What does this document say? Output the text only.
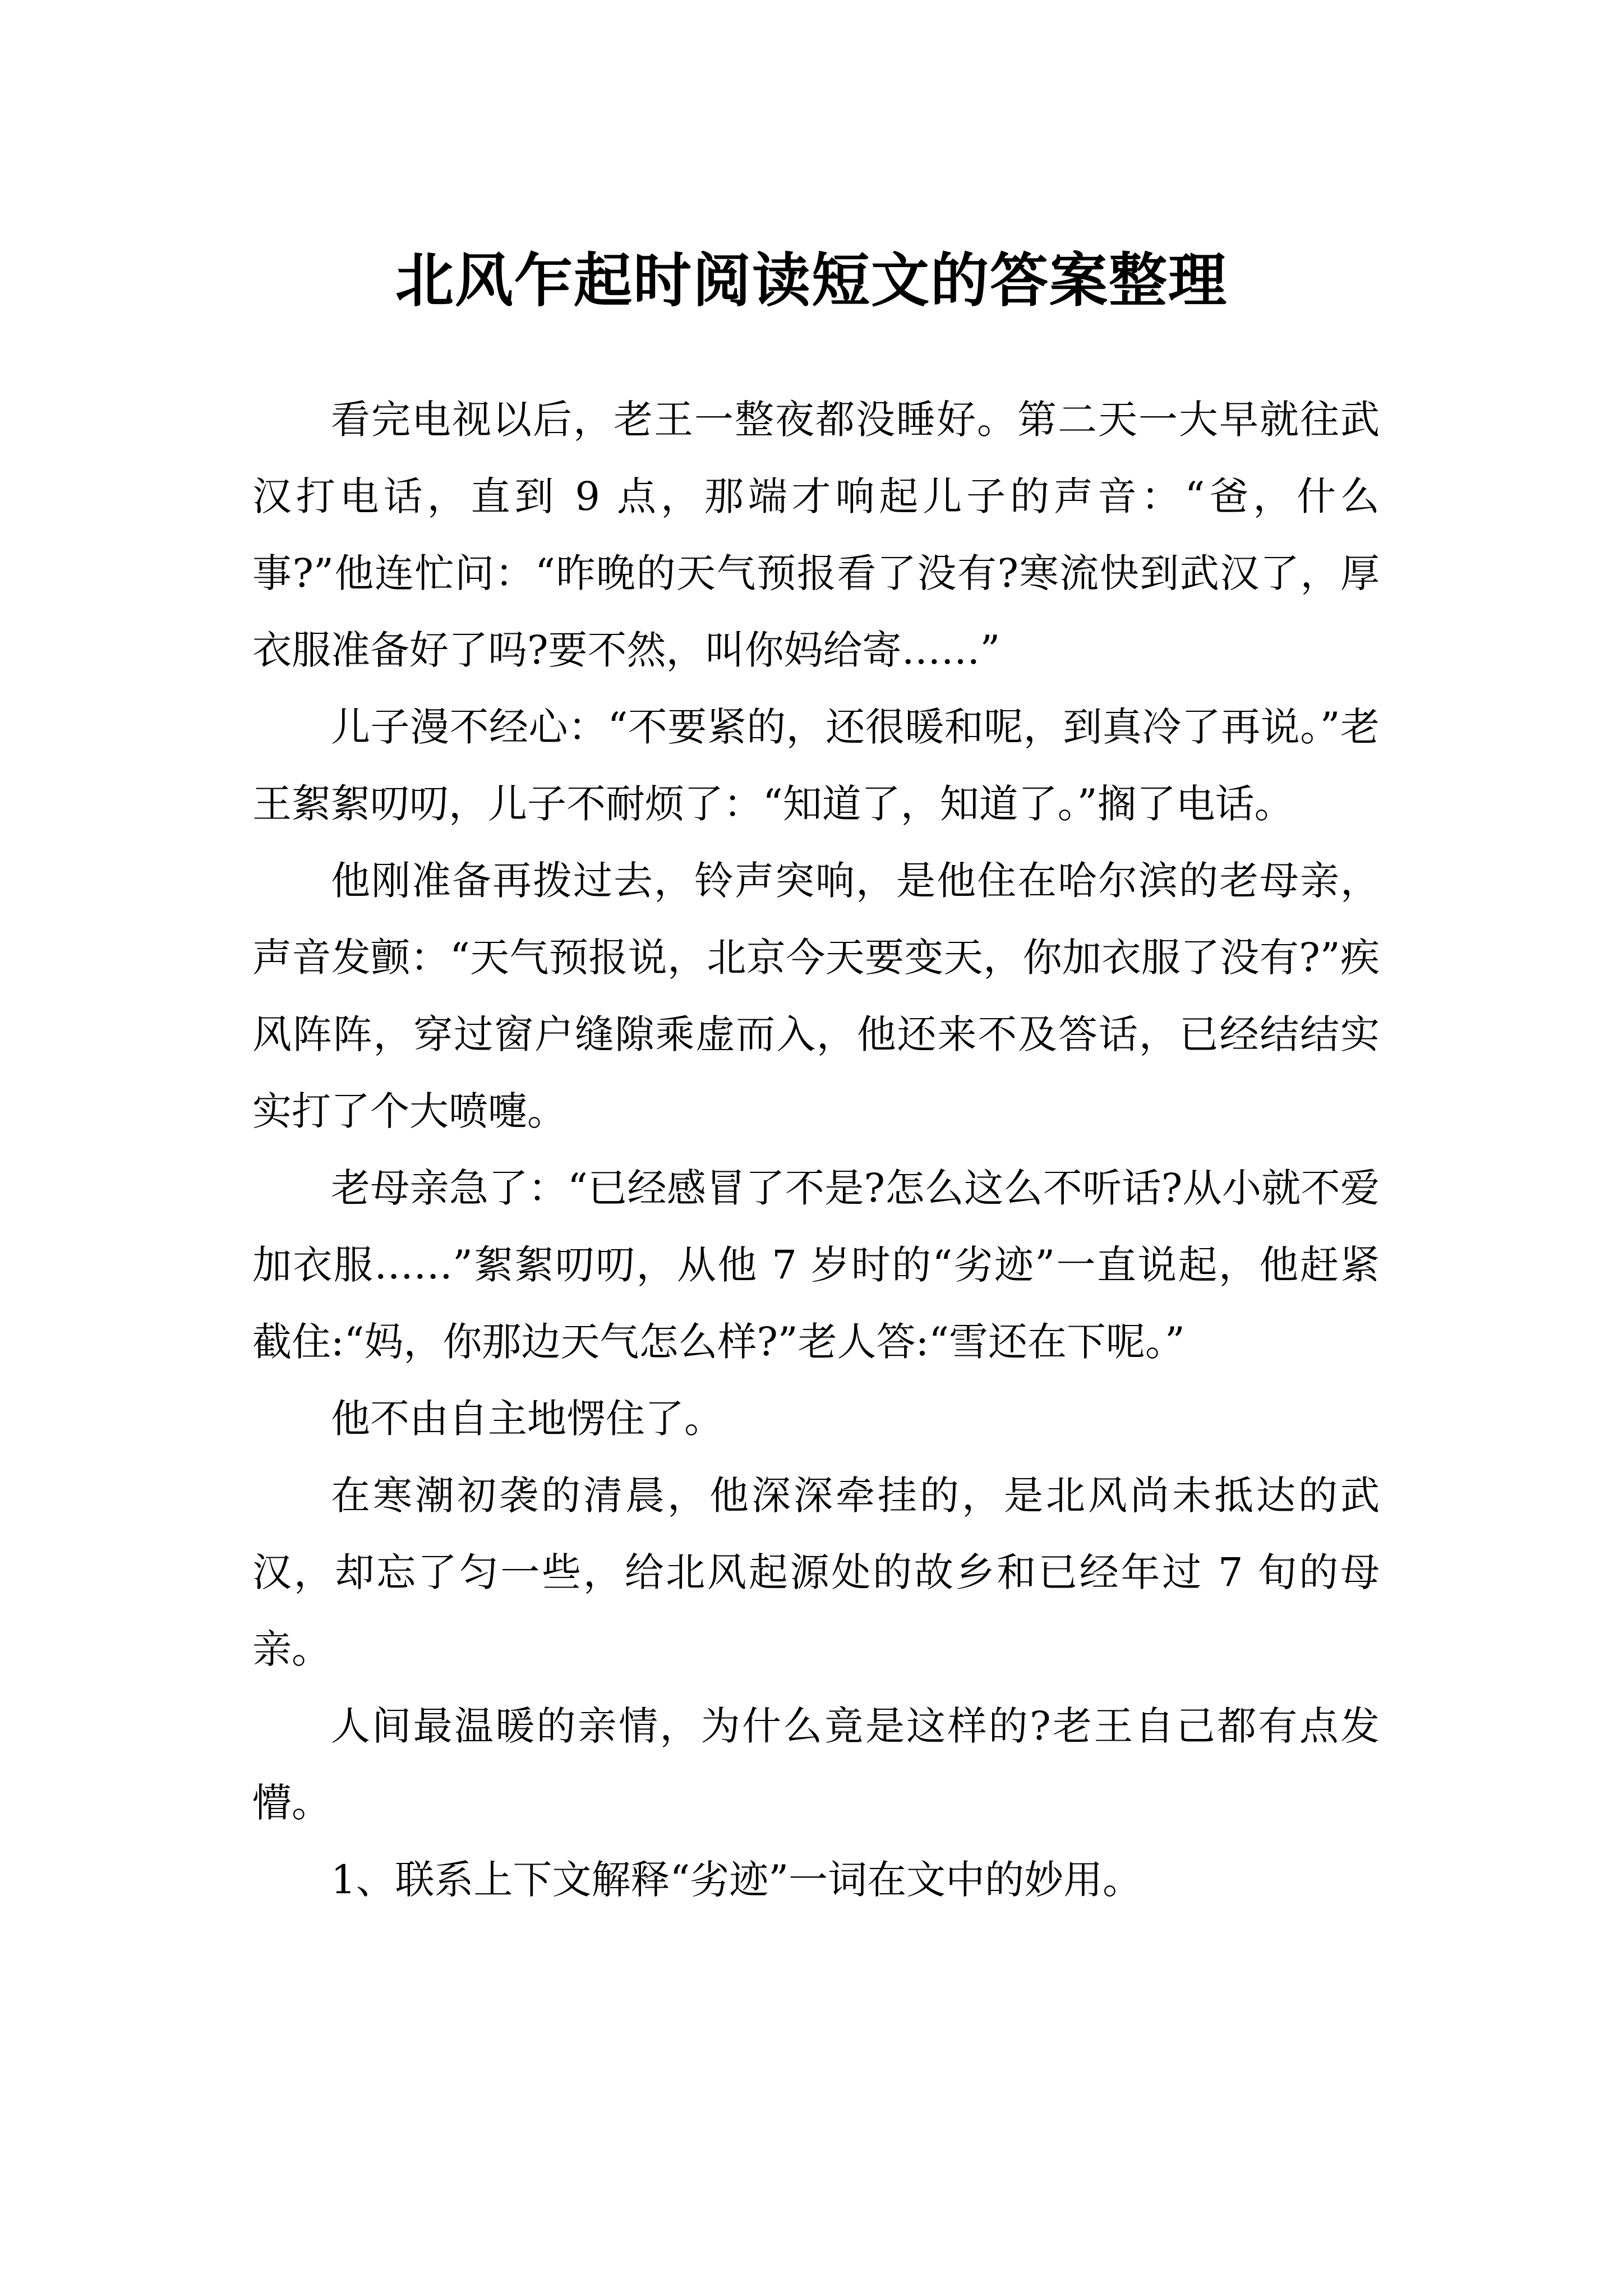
北风乍起时阅读短文的答案整理

看完电视以后，老王一整夜都没睡好。第二天一大早就往武汉打电话，直到 9 点，那端才响起儿子的声音：“爸，什么事?”他连忙问：“昨晚的天气预报看了没有?寒流快到武汉了，厚衣服准备好了吗?要不然，叫你妈给寄……”

儿子漫不经心：“不要紧的，还很暖和呢，到真冷了再说。”老王絮絮叨叨，儿子不耐烦了：“知道了，知道了。”搁了电话。

他刚准备再拨过去，铃声突响，是他住在哈尔滨的老母亲，声音发颤：“天气预报说，北京今天要变天，你加衣服了没有?”疾风阵阵，穿过窗户缝隙乘虚而入，他还来不及答话，已经结结实实打了个大喷嚏。

老母亲急了：“已经感冒了不是?怎么这么不听话?从小就不爱加衣服……”絮絮叨叨，从他 7 岁时的“劣迹”一直说起，他赶紧截住:“妈，你那边天气怎么样?”老人答:“雪还在下呢。”

他不由自主地愣住了。

在寒潮初袭的清晨，他深深牵挂的，是北风尚未抵达的武汉，却忘了匀一些，给北风起源处的故乡和已经年过 7 旬的母亲。

人间最温暖的亲情，为什么竟是这样的?老王自己都有点发懵。

1、联系上下文解释“劣迹”一词在文中的妙用。
